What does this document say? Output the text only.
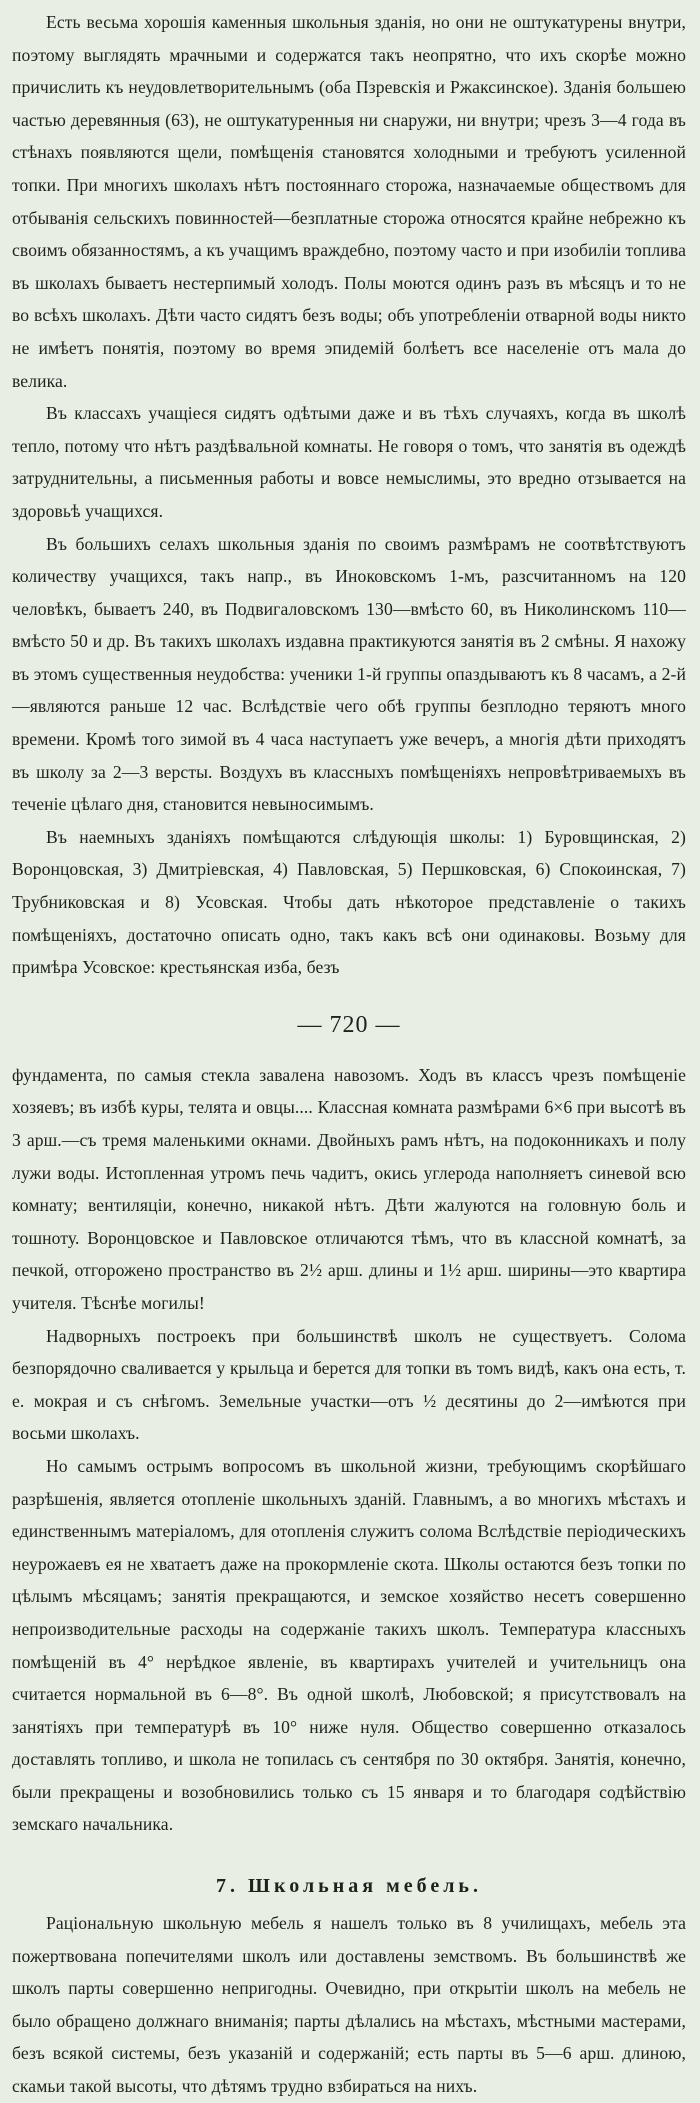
Есть весьма хорошiя каменныя школьныя зданiя, но они не оштукатурены внутри, поэтому выглядять мрачными и содержатся такъ неопрятно, что ихъ скорѣе можно причислить къ неудовлетворительнымъ (оба Пзревскiя и Ржаксинское). Зданiя большею частью деревянныя (63), не оштукатуренныя ни снаружи, ни внутри; чрезъ 3—4 года въ стѣнахъ появляются щели, помѣщенiя становятся холодными и требуютъ усиленной топки. При многихъ школахъ нѣтъ постояннаго сторожа, назначаемые обществомъ для отбыванiя сельскихъ повинностей—безплатные сторожа относятся крайне небрежно къ своимъ обязанностямъ, а къ учащимъ враждебно, поэтому часто и при изобилiи топлива въ школахъ бываетъ нестерпимый холодъ. Полы моются одинъ разъ въ мѣсяцъ и то не во всѣхъ школахъ. Дѣти часто сидятъ безъ воды; объ употребленiи отварной воды никто не имѣетъ понятiя, поэтому во время эпидемiй болѣетъ все населенiе отъ мала до велика.

Въ классахъ учащiеся сидятъ одѣтыми даже и въ тѣхъ случаяхъ, когда въ школѣ тепло, потому что нѣтъ раздѣвальной комнаты. Не говоря о томъ, что занятiя въ одеждѣ затруднительны, а письменныя работы и вовсе немыслимы, это вредно отзывается на здоровьѣ учащихся.

Въ большихъ селахъ школьныя зданiя по своимъ размѣрамъ не соотвѣтствуютъ количеству учащихся, такъ напр., въ Иноковскомъ 1-мъ, разсчитанномъ на 120 человѣкъ, бываетъ 240, въ Подвигаловскомъ 130—вмѣсто 60, въ Николинскомъ 110—вмѣсто 50 и др. Въ такихъ школахъ издавна практикуются занятiя въ 2 смѣны. Я нахожу въ этомъ существенныя неудобства: ученики 1-й группы опаздываютъ къ 8 часамъ, а 2-й—являются раньше 12 час. Вслѣдствiе чего обѣ группы безплодно теряютъ много времени. Кромѣ того зимой въ 4 часа наступаетъ уже вечеръ, а многiя дѣти приходятъ въ школу за 2—3 версты. Воздухъ въ классныхъ помѣщенiяхъ непровѣтриваемыхъ въ теченiе цѣлаго дня, становится невыносимымъ.

Въ наемныхъ зданiяхъ помѣщаются слѣдующiя школы: 1) Буровщинская, 2) Воронцовская, 3) Дмитрiевская, 4) Павловская, 5) Першковская, 6) Спокоинская, 7) Трубниковская и 8) Усовская. Чтобы дать нѣкоторое представленiе о такихъ помѣщенiяхъ, достаточно описать одно, такъ какъ всѣ они одинаковы. Возьму для примѣра Усовское: крестьянская изба, безъ

— 720 —

фундамента, по самыя стекла завалена навозомъ. Ходъ въ классъ чрезъ помѣщенiе хозяевъ; въ избѣ куры, телята и овцы.... Классная комната размѣрами 6×6 при высотѣ въ 3 арш.—съ тремя маленькими окнами. Двойныхъ рамъ нѣтъ, на подоконникахъ и полу лужи воды. Истопленная утромъ печь чадитъ, окись углерода наполняетъ синевой всю комнату; вентиляцiи, конечно, никакой нѣтъ. Дѣти жалуются на головную боль и тошноту. Воронцовское и Павловское отличаются тѣмъ, что въ классной комнатѣ, за печкой, отгорожено пространство въ 2½ арш. длины и 1½ арш. ширины—это квартира учителя. Тѣснѣе могилы!

Надворныхъ построекъ при большинствѣ школъ не существуетъ. Солома безпорядочно сваливается у крыльца и берется для топки въ томъ видѣ, какъ она есть, т. е. мокрая и съ снѣгомъ. Земельные участки—отъ ½ десятины до 2—имѣются при восьми школахъ.

Но самымъ острымъ вопросомъ въ школьной жизни, требующимъ скорѣйшаго разрѣшенiя, является отопленiе школьныхъ зданiй. Главнымъ, а во многихъ мѣстахъ и единственнымъ матерiаломъ, для отопленiя служитъ солома Вслѣдствiе перiодическихъ неурожаевъ ея не хватаетъ даже на прокормленiе скота. Школы остаются безъ топки по цѣлымъ мѣсяцамъ; занятiя прекращаются, и земское хозяйство несетъ совершенно непроизводительные расходы на содержанiе такихъ школъ. Температура классныхъ помѣщенiй въ 4° нерѣдкое явленiе, въ квартирахъ учителей и учительницъ она считается нормальной въ 6—8°. Въ одной школѣ, Любовской; я присутствовалъ на занятiяхъ при температурѣ въ 10° ниже нуля. Общество совершенно отказалось доставлять топливо, и школа не топилась съ сентября по 30 октября. Занятiя, конечно, были прекращены и возобновились только съ 15 января и то благодаря содѣйствiю земскаго начальника.

7. Школьная мебель.

Рацiональную школьную мебель я нашелъ только въ 8 училищахъ, мебель эта пожертвована попечителями школъ или доставлены земствомъ. Въ большинствѣ же школъ парты совершенно непригодны. Очевидно, при открытiи школъ на мебель не было обращено должнаго вниманiя; парты дѣлались на мѣстахъ, мѣстными мастерами, безъ всякой системы, безъ указанiй и содержанiй; есть парты въ 5—6 арш. длиною, скамьи такой высоты, что дѣтямъ трудно взбираться на нихъ.
